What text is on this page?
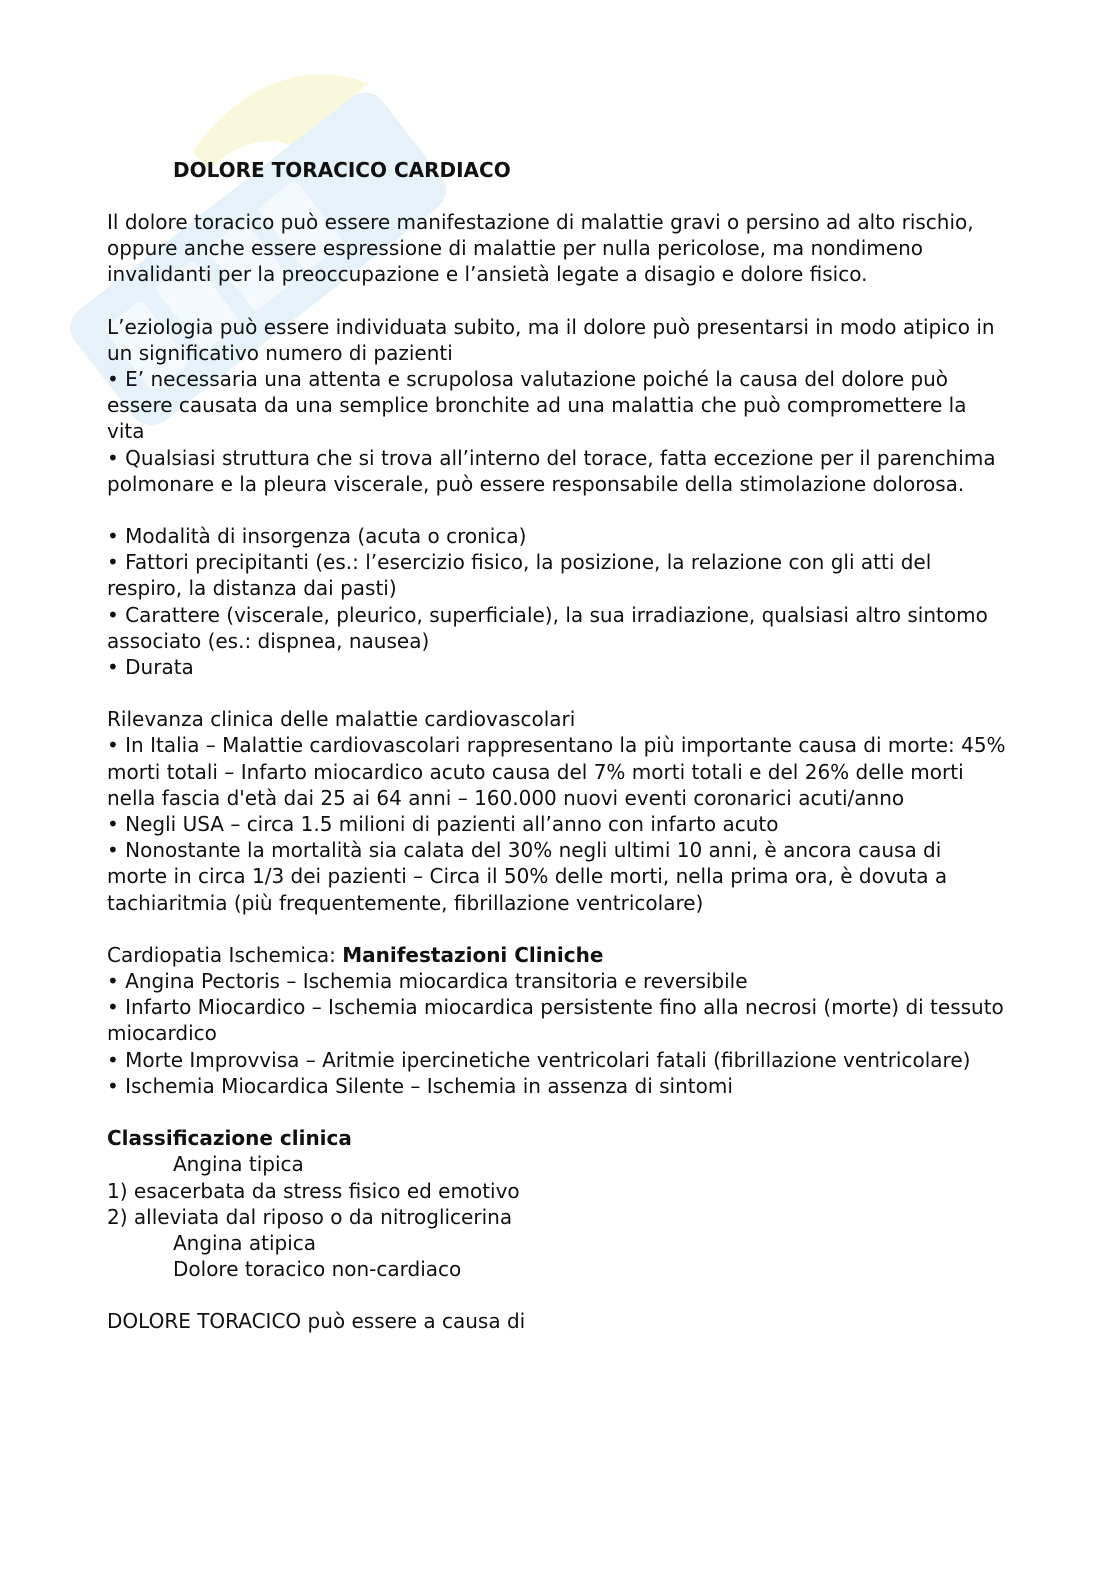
DOLORE TORACICO CARDIACO

Il dolore toracico può essere manifestazione di malattie gravi o persino ad alto rischio, oppure anche essere espressione di malattie per nulla pericolose, ma nondimeno invalidanti per la preoccupazione e l’ansietà legate a disagio e dolore fisico.

L’eziologia può essere individuata subito, ma il dolore può presentarsi in modo atipico in un significativo numero di pazienti

• E’ necessaria una attenta e scrupolosa valutazione poiché la causa del dolore può essere causata da una semplice bronchite ad una malattia che può compromettere la vita

• Qualsiasi struttura che si trova all’interno del torace, fatta eccezione per il parenchima

polmonare e la pleura viscerale, può essere responsabile della stimolazione dolorosa.

• Modalità di insorgenza (acuta o cronica)

• Fattori precipitanti (es.: l’esercizio fisico, la posizione, la relazione con gli atti del respiro, la distanza dai pasti)

• Carattere (viscerale, pleurico, superficiale), la sua irradiazione, qualsiasi altro sintomo associato (es.: dispnea, nausea)

• Durata

Rilevanza clinica delle malattie cardiovascolari

• In Italia – Malattie cardiovascolari rappresentano la più importante causa di morte: 45% morti totali – Infarto miocardico acuto causa del 7% morti totali e del 26% delle morti nella fascia d'età dai 25 ai 64 anni – 160.000 nuovi eventi coronarici acuti/anno

• Negli USA – circa 1.5 milioni di pazienti all’anno con infarto acuto

• Nonostante la mortalità sia calata del 30% negli ultimi 10 anni, è ancora causa di morte in circa 1/3 dei pazienti – Circa il 50% delle morti, nella prima ora, è dovuta a tachiaritmia (più frequentemente, fibrillazione ventricolare)

Cardiopatia Ischemica: Manifestazioni Cliniche

• Angina Pectoris – Ischemia miocardica transitoria e reversibile

• Infarto Miocardico – Ischemia miocardica persistente fino alla necrosi (morte) di tessuto miocardico

• Morte Improvvisa – Aritmie ipercinetiche ventricolari fatali (fibrillazione ventricolare)

• Ischemia Miocardica Silente – Ischemia in assenza di sintomi

Classificazione clinica

Angina tipica

1) esacerbata da stress fisico ed emotivo

2) alleviata dal riposo o da nitroglicerina

Angina atipica

Dolore toracico non-cardiaco

DOLORE TORACICO può essere a causa di
